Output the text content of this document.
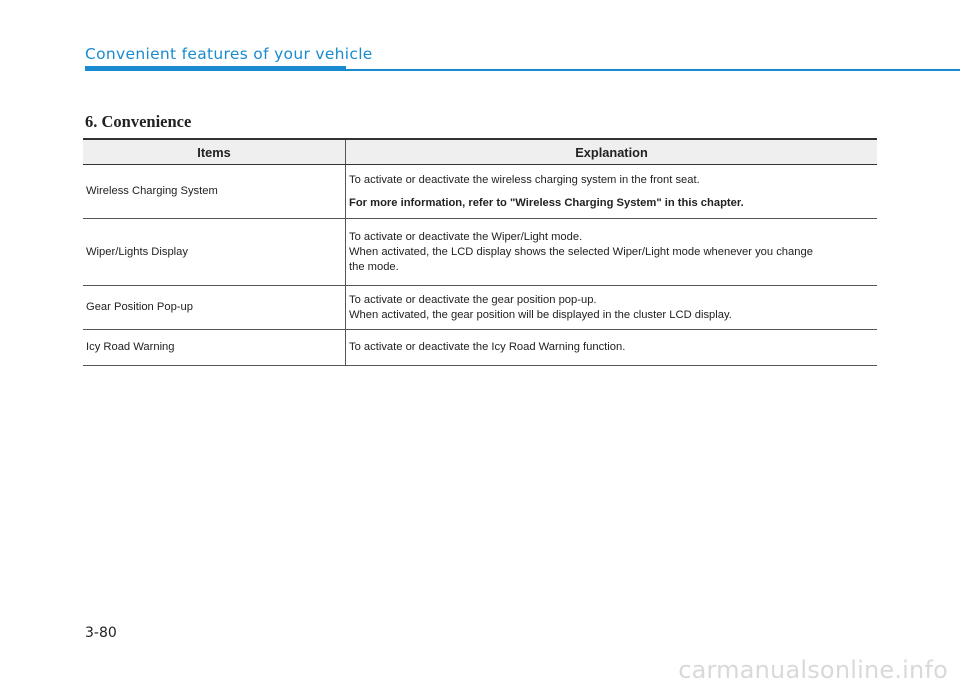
Convenient features of your vehicle
6. Convenience
Items	Explanation
Wireless Charging System	To activate or deactivate the wireless charging system in the front seat.
For more information, refer to "Wireless Charging System" in this chapter.

Wiper/Lights Display	To activate or deactivate the Wiper/Light mode.
When activated, the LCD display shows the selected Wiper/Light mode whenever you change
the mode.

Gear Position Pop-up	To activate or deactivate the gear position pop-up.
When activated, the gear position will be displayed in the cluster LCD display.

Icy Road Warning	To activate or deactivate the Icy Road Warning function.
3-80
carmanualsonline.info
